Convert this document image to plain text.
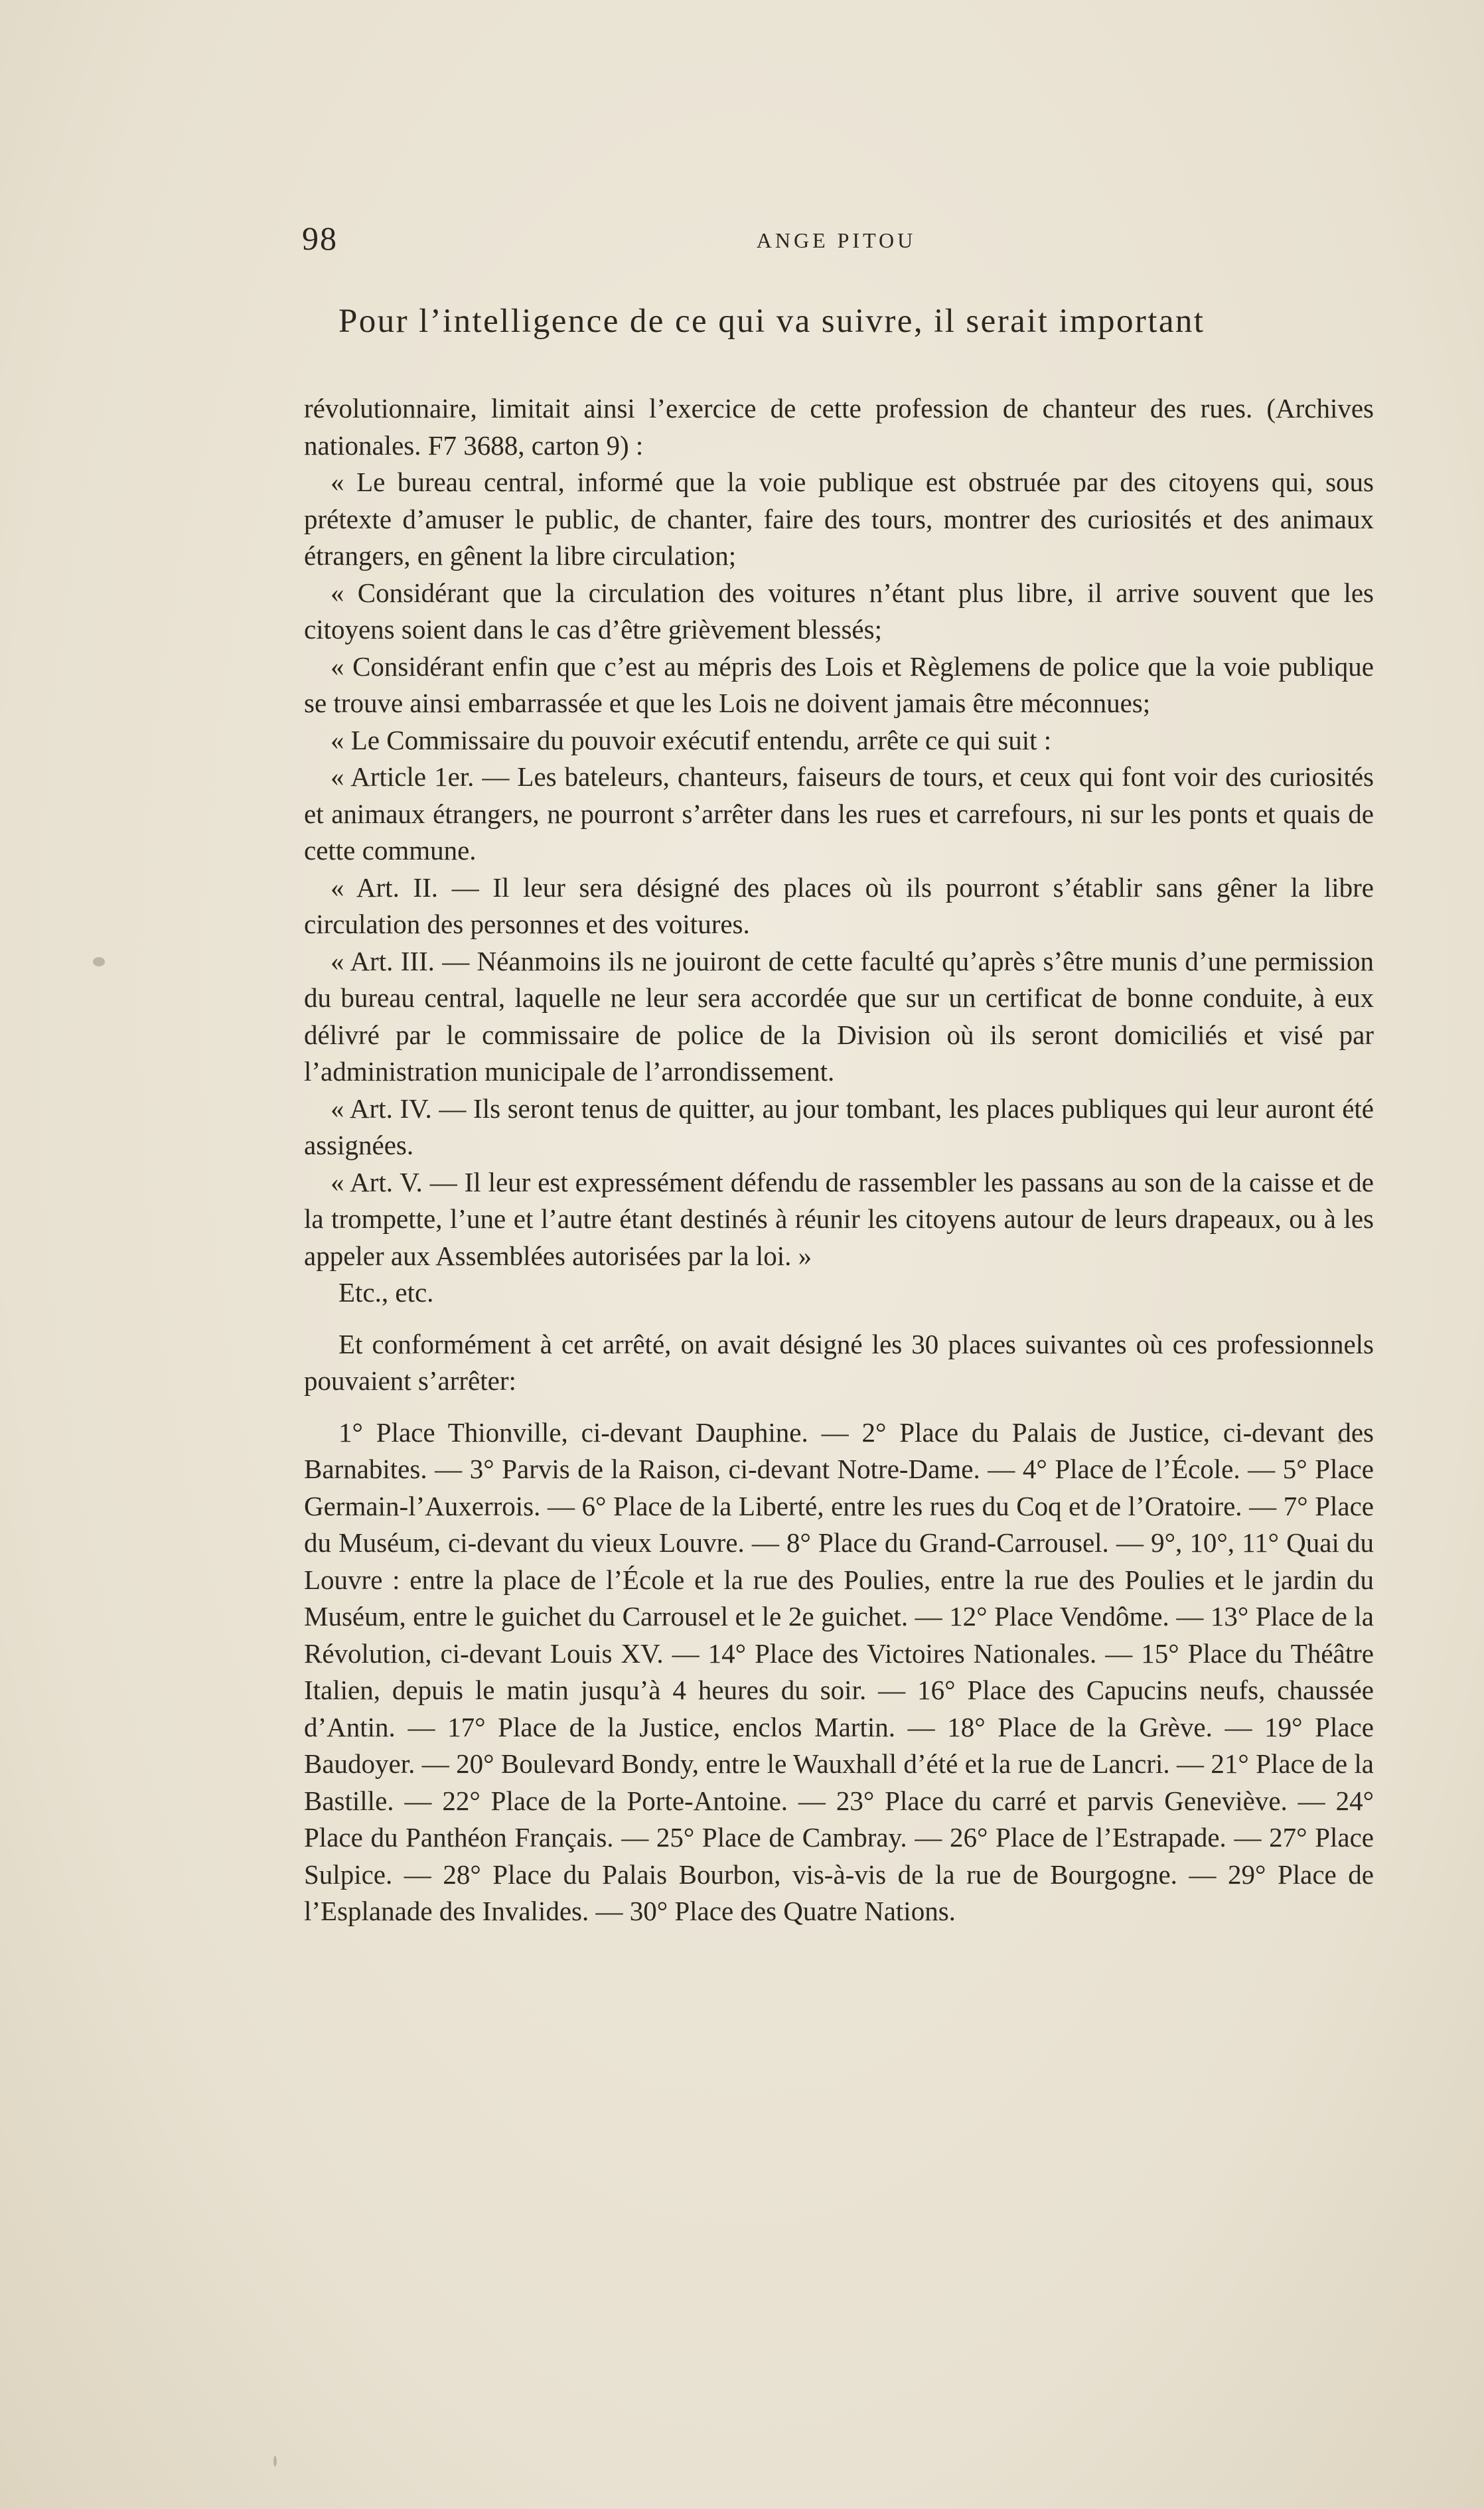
98	ANGE PITOU
Pour l’intelligence de ce qui va suivre, il serait important

révolutionnaire, limitait ainsi l’exercice de cette profession de chanteur des rues. (Archives nationales. F7 3688, carton 9) :

« Le bureau central, informé que la voie publique est obstruée par des citoyens qui, sous prétexte d’amuser le public, de chanter, faire des tours, montrer des curiosités et des animaux étrangers, en gênent la libre circulation;

« Considérant que la circulation des voitures n’étant plus libre, il arrive souvent que les citoyens soient dans le cas d’être grièvement blessés;

« Considérant enfin que c’est au mépris des Lois et Règlemens de police que la voie publique se trouve ainsi embarrassée et que les Lois ne doivent jamais être méconnues;

« Le Commissaire du pouvoir exécutif entendu, arrête ce qui suit :

« Article 1er. — Les bateleurs, chanteurs, faiseurs de tours, et ceux qui font voir des curiosités et animaux étrangers, ne pourront s’arrêter dans les rues et carrefours, ni sur les ponts et quais de cette commune.

« Art. II. — Il leur sera désigné des places où ils pourront s’établir sans gêner la libre circulation des personnes et des voitures.

« Art. III. — Néanmoins ils ne jouiront de cette faculté qu’après s’être munis d’une permission du bureau central, laquelle ne leur sera accordée que sur un certificat de bonne conduite, à eux délivré par le commissaire de police de la Division où ils seront domiciliés et visé par l’administration municipale de l’arrondissement.

« Art. IV. — Ils seront tenus de quitter, au jour tombant, les places publiques qui leur auront été assignées.

« Art. V. — Il leur est expressément défendu de rassembler les passans au son de la caisse et de la trompette, l’une et l’autre étant destinés à réunir les citoyens autour de leurs drapeaux, ou à les appeler aux Assemblées autorisées par la loi. »

Etc., etc.

Et conformément à cet arrêté, on avait désigné les 30 places suivantes où ces professionnels pouvaient s’arrêter:

1° Place Thionville, ci-devant Dauphine. — 2° Place du Palais de Justice, ci-devant des Barnabites. — 3° Parvis de la Raison, ci-devant Notre-Dame. — 4° Place de l’École. — 5° Place Germain-l’Auxerrois. — 6° Place de la Liberté, entre les rues du Coq et de l’Oratoire. — 7° Place du Muséum, ci-devant du vieux Louvre. — 8° Place du Grand-Carrousel. — 9°, 10°, 11° Quai du Louvre : entre la place de l’École et la rue des Poulies, entre la rue des Poulies et le jardin du Muséum, entre le guichet du Carrousel et le 2e guichet. — 12° Place Vendôme. — 13° Place de la Révolution, ci-devant Louis XV. — 14° Place des Victoires Nationales. — 15° Place du Théâtre Italien, depuis le matin jusqu’à 4 heures du soir. — 16° Place des Capucins neufs, chaussée d’Antin. — 17° Place de la Justice, enclos Martin. — 18° Place de la Grève. — 19° Place Baudoyer. — 20° Boulevard Bondy, entre le Wauxhall d’été et la rue de Lancri. — 21° Place de la Bastille. — 22° Place de la Porte-Antoine. — 23° Place du carré et parvis Geneviève. — 24° Place du Panthéon Français. — 25° Place de Cambray. — 26° Place de l’Estrapade. — 27° Place Sulpice. — 28° Place du Palais Bourbon, vis-à-vis de la rue de Bourgogne. — 29° Place de l’Esplanade des Invalides. — 30° Place des Quatre Nations.
